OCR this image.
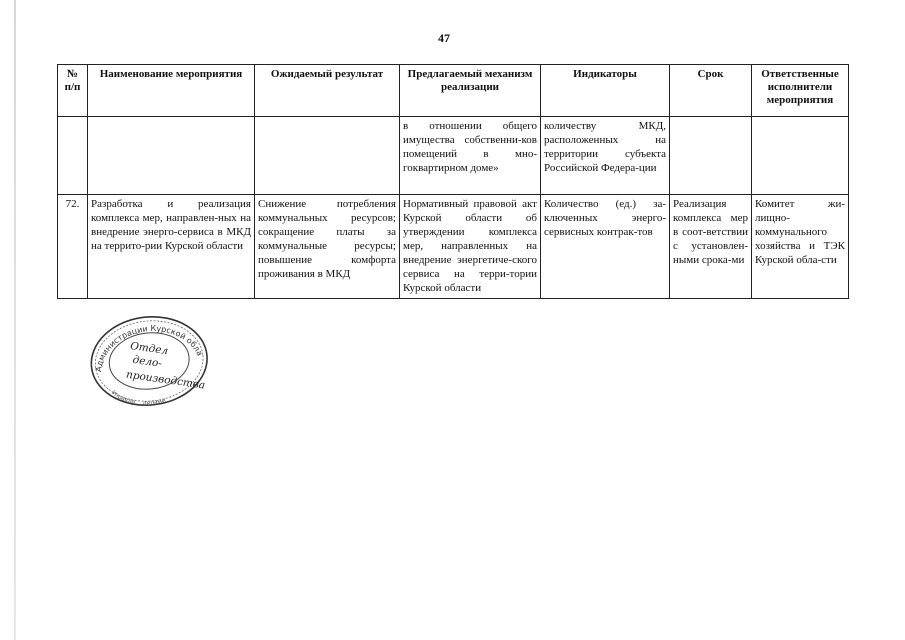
47
№ п/п	Наименование мероприятия	Ожидаемый результат	Предлагаемый механизм реализации	Индикаторы	Срок	Ответственные исполнители мероприятия
			в отношении общего имущества собственни-ков помещений в мно-гоквартирном доме»	количеству МКД, расположенных на территории субъекта Российской Федера-ции		
72.	Разработка и реализация комплекса мер, направлен-ных на внедрение энерго-сервиса в МКД на террито-рии Курской области	Снижение потребления коммунальных ресурсов; сокращение платы за коммунальные ресурсы; повышение комфорта проживания в МКД	Нормативный правовой акт Курской области об утверждении комплекса мер, направленных на внедрение энергетиче-ского сервиса на терри-тории Курской области	Количество (ед.) за-ключенных энерго-сервисных контрак-тов	Реализация комплекса мер в соот-ветствии с установлен-ными срока-ми	Комитет жи-лищно-коммунального хозяйства и ТЭК Курской обла-сти
Администрации Курской области
Управле... делами
Отдел
дело-
производства
